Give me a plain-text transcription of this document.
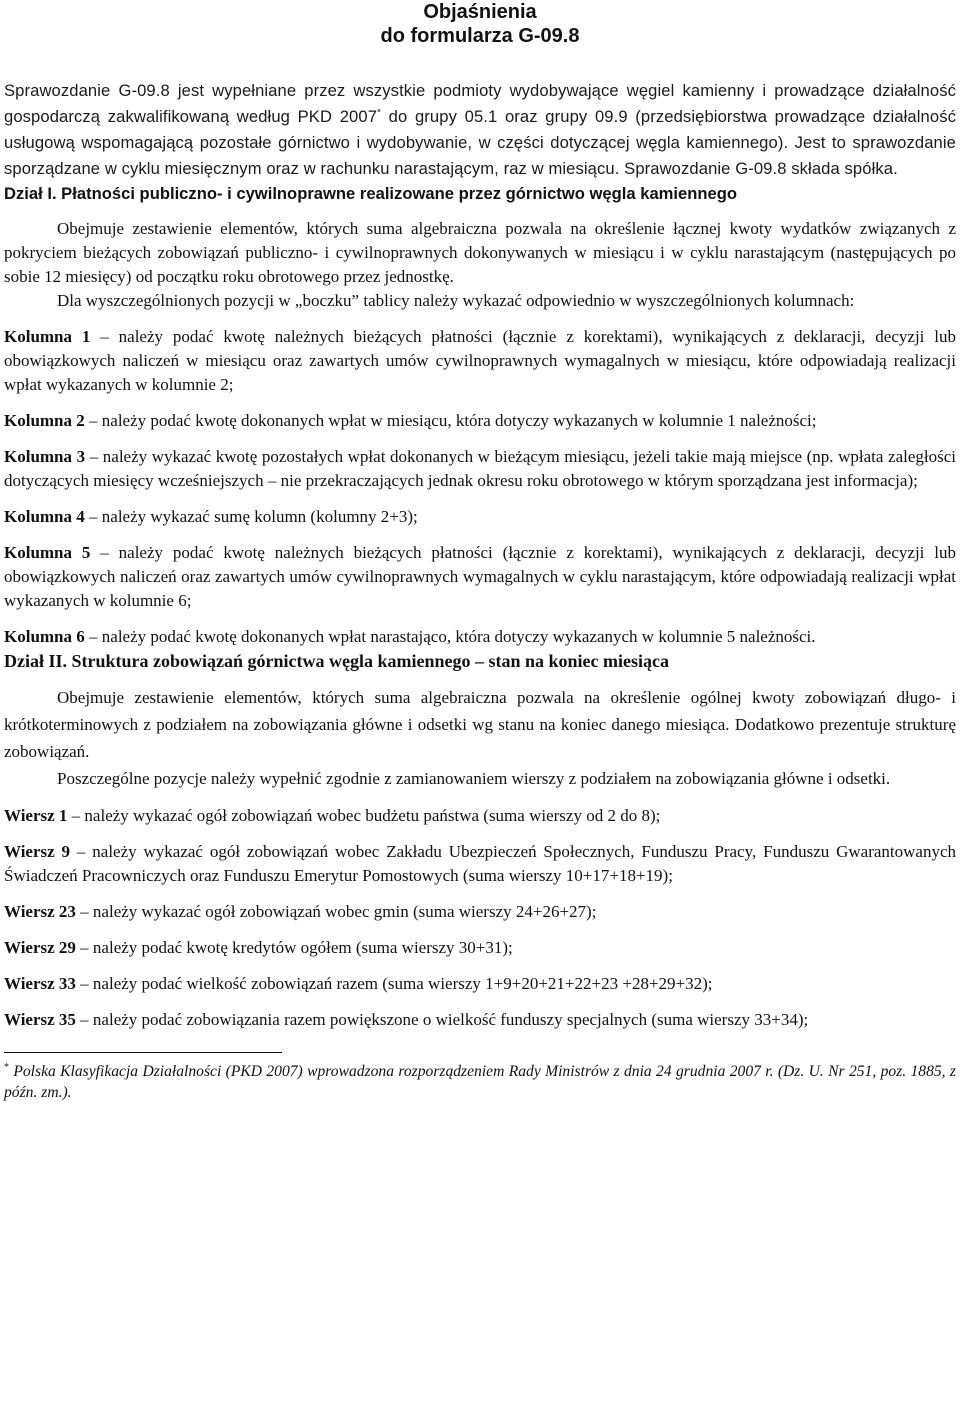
Objaśnienia
do formularza G-09.8

Sprawozdanie G-09.8 jest wypełniane przez wszystkie podmioty wydobywające węgiel kamienny i prowadzące działalność gospodarczą zakwalifikowaną według PKD 2007* do grupy 05.1 oraz grupy 09.9 (przedsiębiorstwa prowadzące działalność usługową wspomagającą pozostałe górnictwo i wydobywanie, w części dotyczącej węgla kamiennego). Jest to sprawozdanie sporządzane w cyklu miesięcznym oraz w rachunku narastającym, raz w miesiącu. Sprawozdanie G-09.8 składa spółka.

Dział I. Płatności publiczno- i cywilnoprawne realizowane przez górnictwo węgla kamiennego

Obejmuje zestawienie elementów, których suma algebraiczna pozwala na określenie łącznej kwoty wydatków związanych z pokryciem bieżących zobowiązań publiczno- i cywilnoprawnych dokonywanych w miesiącu i w cyklu narastającym (następujących po sobie 12 miesięcy) od początku roku obrotowego przez jednostkę.

Dla wyszczególnionych pozycji w „boczku” tablicy należy wykazać odpowiednio w wyszczególnionych kolumnach:

Kolumna 1 – należy podać kwotę należnych bieżących płatności (łącznie z korektami), wynikających z deklaracji, decyzji lub obowiązkowych naliczeń w miesiącu oraz zawartych umów cywilnoprawnych wymagalnych w miesiącu, które odpowiadają realizacji wpłat wykazanych w kolumnie 2;

Kolumna 2 – należy podać kwotę dokonanych wpłat w miesiącu, która dotyczy wykazanych w kolumnie 1 należności;

Kolumna 3 – należy wykazać kwotę pozostałych wpłat dokonanych w bieżącym miesiącu, jeżeli takie mają miejsce (np. wpłata zaległości dotyczących miesięcy wcześniejszych – nie przekraczających jednak okresu roku obrotowego w którym sporządzana jest informacja);

Kolumna 4 – należy wykazać sumę kolumn (kolumny 2+3);

Kolumna 5 – należy podać kwotę należnych bieżących płatności (łącznie z korektami), wynikających z deklaracji, decyzji lub obowiązkowych naliczeń oraz zawartych umów cywilnoprawnych wymagalnych w cyklu narastającym, które odpowiadają realizacji wpłat wykazanych w kolumnie 6;

Kolumna 6 – należy podać kwotę dokonanych wpłat narastająco, która dotyczy wykazanych w kolumnie 5 należności.

Dział II. Struktura zobowiązań górnictwa węgla kamiennego – stan na koniec miesiąca

Obejmuje zestawienie elementów, których suma algebraiczna pozwala na określenie ogólnej kwoty zobowiązań długo- i krótkoterminowych z podziałem na zobowiązania główne i odsetki wg stanu na koniec danego miesiąca. Dodatkowo prezentuje strukturę zobowiązań.

Poszczególne pozycje należy wypełnić zgodnie z zamianowaniem wierszy z podziałem na zobowiązania główne i odsetki.

Wiersz 1 – należy wykazać ogół zobowiązań wobec budżetu państwa (suma wierszy od 2 do 8);

Wiersz 9 – należy wykazać ogół zobowiązań wobec Zakładu Ubezpieczeń Społecznych, Funduszu Pracy, Funduszu Gwarantowanych Świadczeń Pracowniczych oraz Funduszu Emerytur Pomostowych (suma wierszy 10+17+18+19);

Wiersz 23 – należy wykazać ogół zobowiązań wobec gmin (suma wierszy 24+26+27);

Wiersz 29 – należy podać kwotę kredytów ogółem (suma wierszy 30+31);

Wiersz 33 – należy podać wielkość zobowiązań razem (suma wierszy 1+9+20+21+22+23 +28+29+32);

Wiersz 35 – należy podać zobowiązania razem powiększone o wielkość funduszy specjalnych (suma wierszy 33+34);

* Polska Klasyfikacja Działalności (PKD 2007) wprowadzona rozporządzeniem Rady Ministrów z dnia 24 grudnia 2007 r. (Dz. U. Nr 251, poz. 1885, z późn. zm.).
